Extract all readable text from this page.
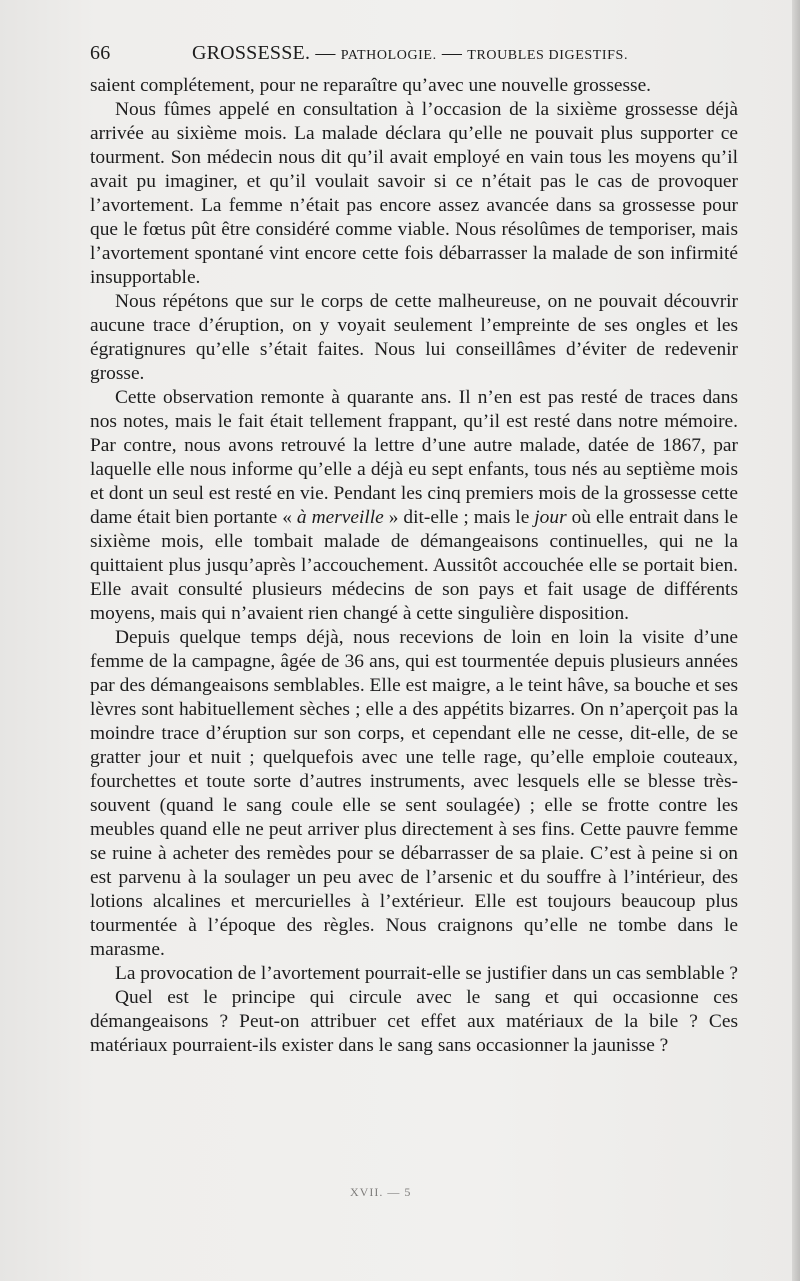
66	GROSSESSE. — PATHOLOGIE. — TROUBLES DIGESTIFS.

saient complétement, pour ne reparaître qu’avec une nouvelle grossesse.

Nous fûmes appelé en consultation à l’occasion de la sixième grossesse déjà arrivée au sixième mois. La malade déclara qu’elle ne pouvait plus supporter ce tourment. Son médecin nous dit qu’il avait employé en vain tous les moyens qu’il avait pu imaginer, et qu’il voulait savoir si ce n’était pas le cas de provoquer l’avortement. La femme n’était pas encore assez avancée dans sa grossesse pour que le fœtus pût être considéré comme viable. Nous résolûmes de temporiser, mais l’avortement spontané vint encore cette fois débarrasser la malade de son infirmité insupportable.

Nous répétons que sur le corps de cette malheureuse, on ne pouvait découvrir aucune trace d’éruption, on y voyait seulement l’empreinte de ses ongles et les égratignures qu’elle s’était faites. Nous lui conseillâmes d’éviter de redevenir grosse.

Cette observation remonte à quarante ans. Il n’en est pas resté de traces dans nos notes, mais le fait était tellement frappant, qu’il est resté dans notre mémoire. Par contre, nous avons retrouvé la lettre d’une autre malade, datée de 1867, par laquelle elle nous informe qu’elle a déjà eu sept enfants, tous nés au septième mois et dont un seul est resté en vie. Pendant les cinq premiers mois de la grossesse cette dame était bien portante « à merveille » dit-elle ; mais le jour où elle entrait dans le sixième mois, elle tombait malade de démangeaisons continuelles, qui ne la quittaient plus jusqu’après l’accouchement. Aussitôt accouchée elle se portait bien. Elle avait consulté plusieurs médecins de son pays et fait usage de différents moyens, mais qui n’avaient rien changé à cette singulière disposition.

Depuis quelque temps déjà, nous recevions de loin en loin la visite d’une femme de la campagne, âgée de 36 ans, qui est tourmentée depuis plusieurs années par des démangeaisons semblables. Elle est maigre, a le teint hâve, sa bouche et ses lèvres sont habituellement sèches ; elle a des appétits bizarres. On n’aperçoit pas la moindre trace d’éruption sur son corps, et cependant elle ne cesse, dit-elle, de se gratter jour et nuit ; quelquefois avec une telle rage, qu’elle emploie couteaux, fourchettes et toute sorte d’autres instruments, avec lesquels elle se blesse très-souvent (quand le sang coule elle se sent soulagée) ; elle se frotte contre les meubles quand elle ne peut arriver plus directement à ses fins. Cette pauvre femme se ruine à acheter des remèdes pour se débarrasser de sa plaie. C’est à peine si on est parvenu à la soulager un peu avec de l’arsenic et du souffre à l’intérieur, des lotions alcalines et mercurielles à l’extérieur. Elle est toujours beaucoup plus tourmentée à l’époque des règles. Nous craignons qu’elle ne tombe dans le marasme.

La provocation de l’avortement pourrait-elle se justifier dans un cas semblable ?

Quel est le principe qui circule avec le sang et qui occasionne ces démangeaisons ? Peut-on attribuer cet effet aux matériaux de la bile ? Ces matériaux pourraient-ils exister dans le sang sans occasionner la jaunisse ?

XVII. — 5
